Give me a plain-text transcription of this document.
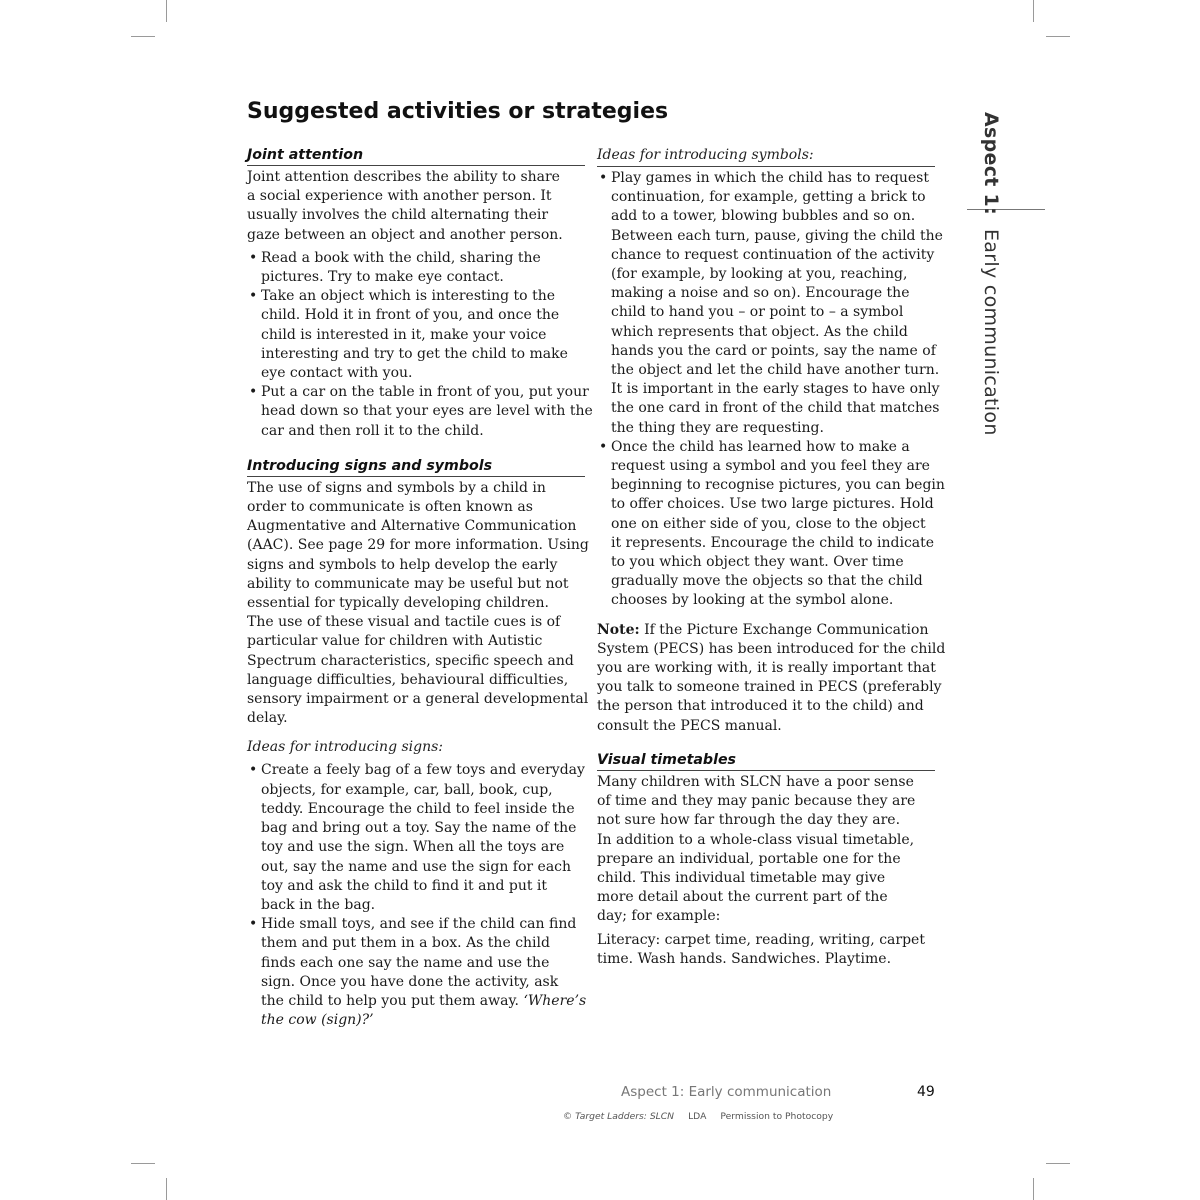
Suggested activities or strategies
Aspect 1:Early communication
Joint attention

Joint attention describes the ability to share

a social experience with another person. It

usually involves the child alternating their

gaze between an object and another person.

• Read a book with the child, sharing the
pictures. Try to make eye contact.
• Take an object which is interesting to the
child. Hold it in front of you, and once the
child is interested in it, make your voice
interesting and try to get the child to make
eye contact with you.
• Put a car on the table in front of you, put your
head down so that your eyes are level with the
car and then roll it to the child.
Introducing signs and symbols

The use of signs and symbols by a child in

order to communicate is often known as

Augmentative and Alternative Communication

(AAC). See page 29 for more information. Using

signs and symbols to help develop the early

ability to communicate may be useful but not

essential for typically developing children.

The use of these visual and tactile cues is of

particular value for children with Autistic

Spectrum characteristics, specific speech and

language difficulties, behavioural difficulties,

sensory impairment or a general developmental

delay.

Ideas for introducing signs:

• Create a feely bag of a few toys and everyday
objects, for example, car, ball, book, cup,
teddy. Encourage the child to feel inside the
bag and bring out a toy. Say the name of the
toy and use the sign. When all the toys are
out, say the name and use the sign for each
toy and ask the child to find it and put it
back in the bag.
• Hide small toys, and see if the child can find
them and put them in a box. As the child
finds each one say the name and use the
sign. Once you have done the activity, ask
the child to help you put them away. ‘Where’s
the cow (sign)?’

Ideas for introducing symbols:

• Play games in which the child has to request
continuation, for example, getting a brick to
add to a tower, blowing bubbles and so on.
Between each turn, pause, giving the child the
chance to request continuation of the activity
(for example, by looking at you, reaching,
making a noise and so on). Encourage the
child to hand you – or point to – a symbol
which represents that object. As the child
hands you the card or points, say the name of
the object and let the child have another turn.
It is important in the early stages to have only
the one card in front of the child that matches
the thing they are requesting.
• Once the child has learned how to make a
request using a symbol and you feel they are
beginning to recognise pictures, you can begin
to offer choices. Use two large pictures. Hold
one on either side of you, close to the object
it represents. Encourage the child to indicate
to you which object they want. Over time
gradually move the objects so that the child
chooses by looking at the symbol alone.

Note: If the Picture Exchange Communication

System (PECS) has been introduced for the child

you are working with, it is really important that

you talk to someone trained in PECS (preferably

the person that introduced it to the child) and

consult the PECS manual.

Visual timetables

Many children with SLCN have a poor sense

of time and they may panic because they are

not sure how far through the day they are.

In addition to a whole-class visual timetable,

prepare an individual, portable one for the

child. This individual timetable may give

more detail about the current part of the

day; for example:

Literacy: carpet time, reading, writing, carpet

time. Wash hands. Sandwiches. Playtime.

Aspect 1: Early communication	49
© Target Ladders: SLCN LDA Permission to Photocopy
